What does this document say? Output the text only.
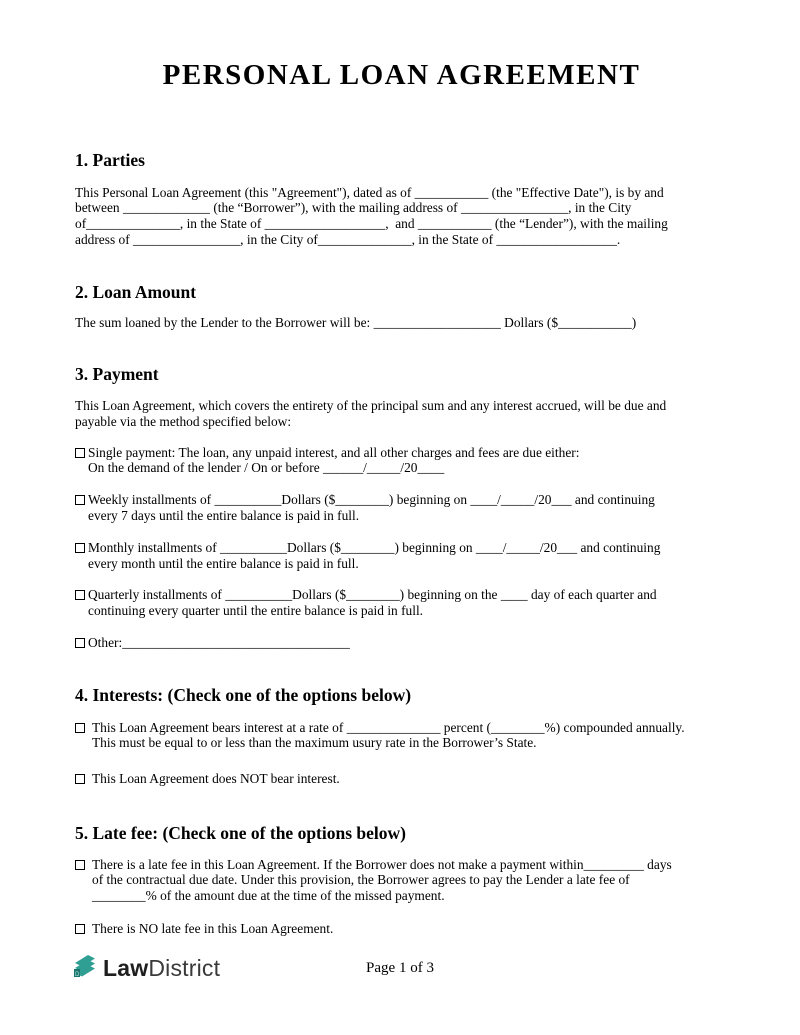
PERSONAL LOAN AGREEMENT
1. Parties
This Personal Loan Agreement (this "Agreement"), dated as of ___________ (the "Effective Date"), is by and
between _____________ (the “Borrower”), with the mailing address of ________________, in the City
of______________, in the State of __________________,  and ___________ (the “Lender”), with the mailing
address of ________________, in the City of______________, in the State of __________________.
2. Loan Amount
The sum loaned by the Lender to the Borrower will be: ___________________ Dollars ($___________)
3. Payment
This Loan Agreement, which covers the entirety of the principal sum and any interest accrued, will be due and
payable via the method specified below:
Single payment: The loan, any unpaid interest, and all other charges and fees are due either:
On the demand of the lender / On or before ______/_____/20____
Weekly installments of __________Dollars ($________) beginning on ____/_____/20___ and continuing
every 7 days until the entire balance is paid in full.
Monthly installments of __________Dollars ($________) beginning on ____/_____/20___ and continuing
every month until the entire balance is paid in full.
Quarterly installments of __________Dollars ($________) beginning on the ____ day of each quarter and
continuing every quarter until the entire balance is paid in full.
Other:__________________________________
4. Interests: (Check one of the options below)
This Loan Agreement bears interest at a rate of ______________ percent (________%) compounded annually.
This must be equal to or less than the maximum usury rate in the Borrower’s State.
This Loan Agreement does NOT bear interest.
5. Late fee: (Check one of the options below)
There is a late fee in this Loan Agreement. If the Borrower does not make a payment within_________ days
of the contractual due date. Under this provision, the Borrower agrees to pay the Lender a late fee of
________% of the amount due at the time of the missed payment.
There is NO late fee in this Loan Agreement.
D LawDistrict	Page 1 of 3
